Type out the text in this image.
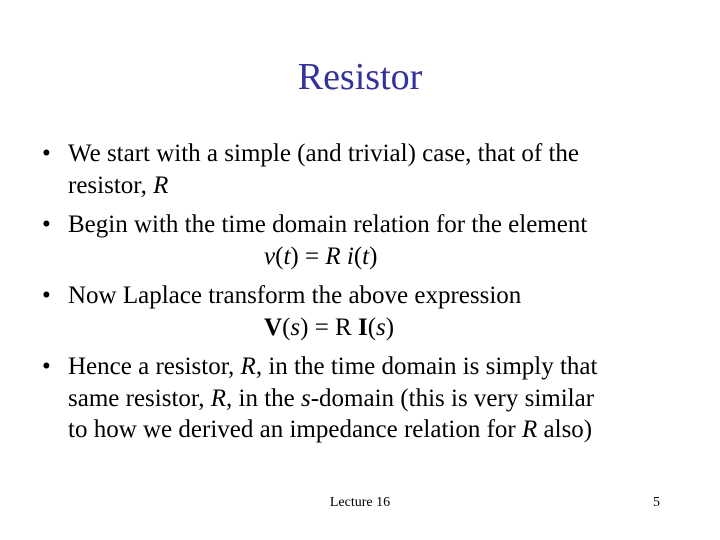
Resistor
• We start with a simple (and trivial) case, that of the
resistor, R
• Begin with the time domain relation for the element
v(t) = R i(t)
• Now Laplace transform the above expression
V(s) = R I(s)
• Hence a resistor, R, in the time domain is simply that
same resistor, R, in the s-domain (this is very similar
to how we derived an impedance relation for R also)
Lecture 16	5
